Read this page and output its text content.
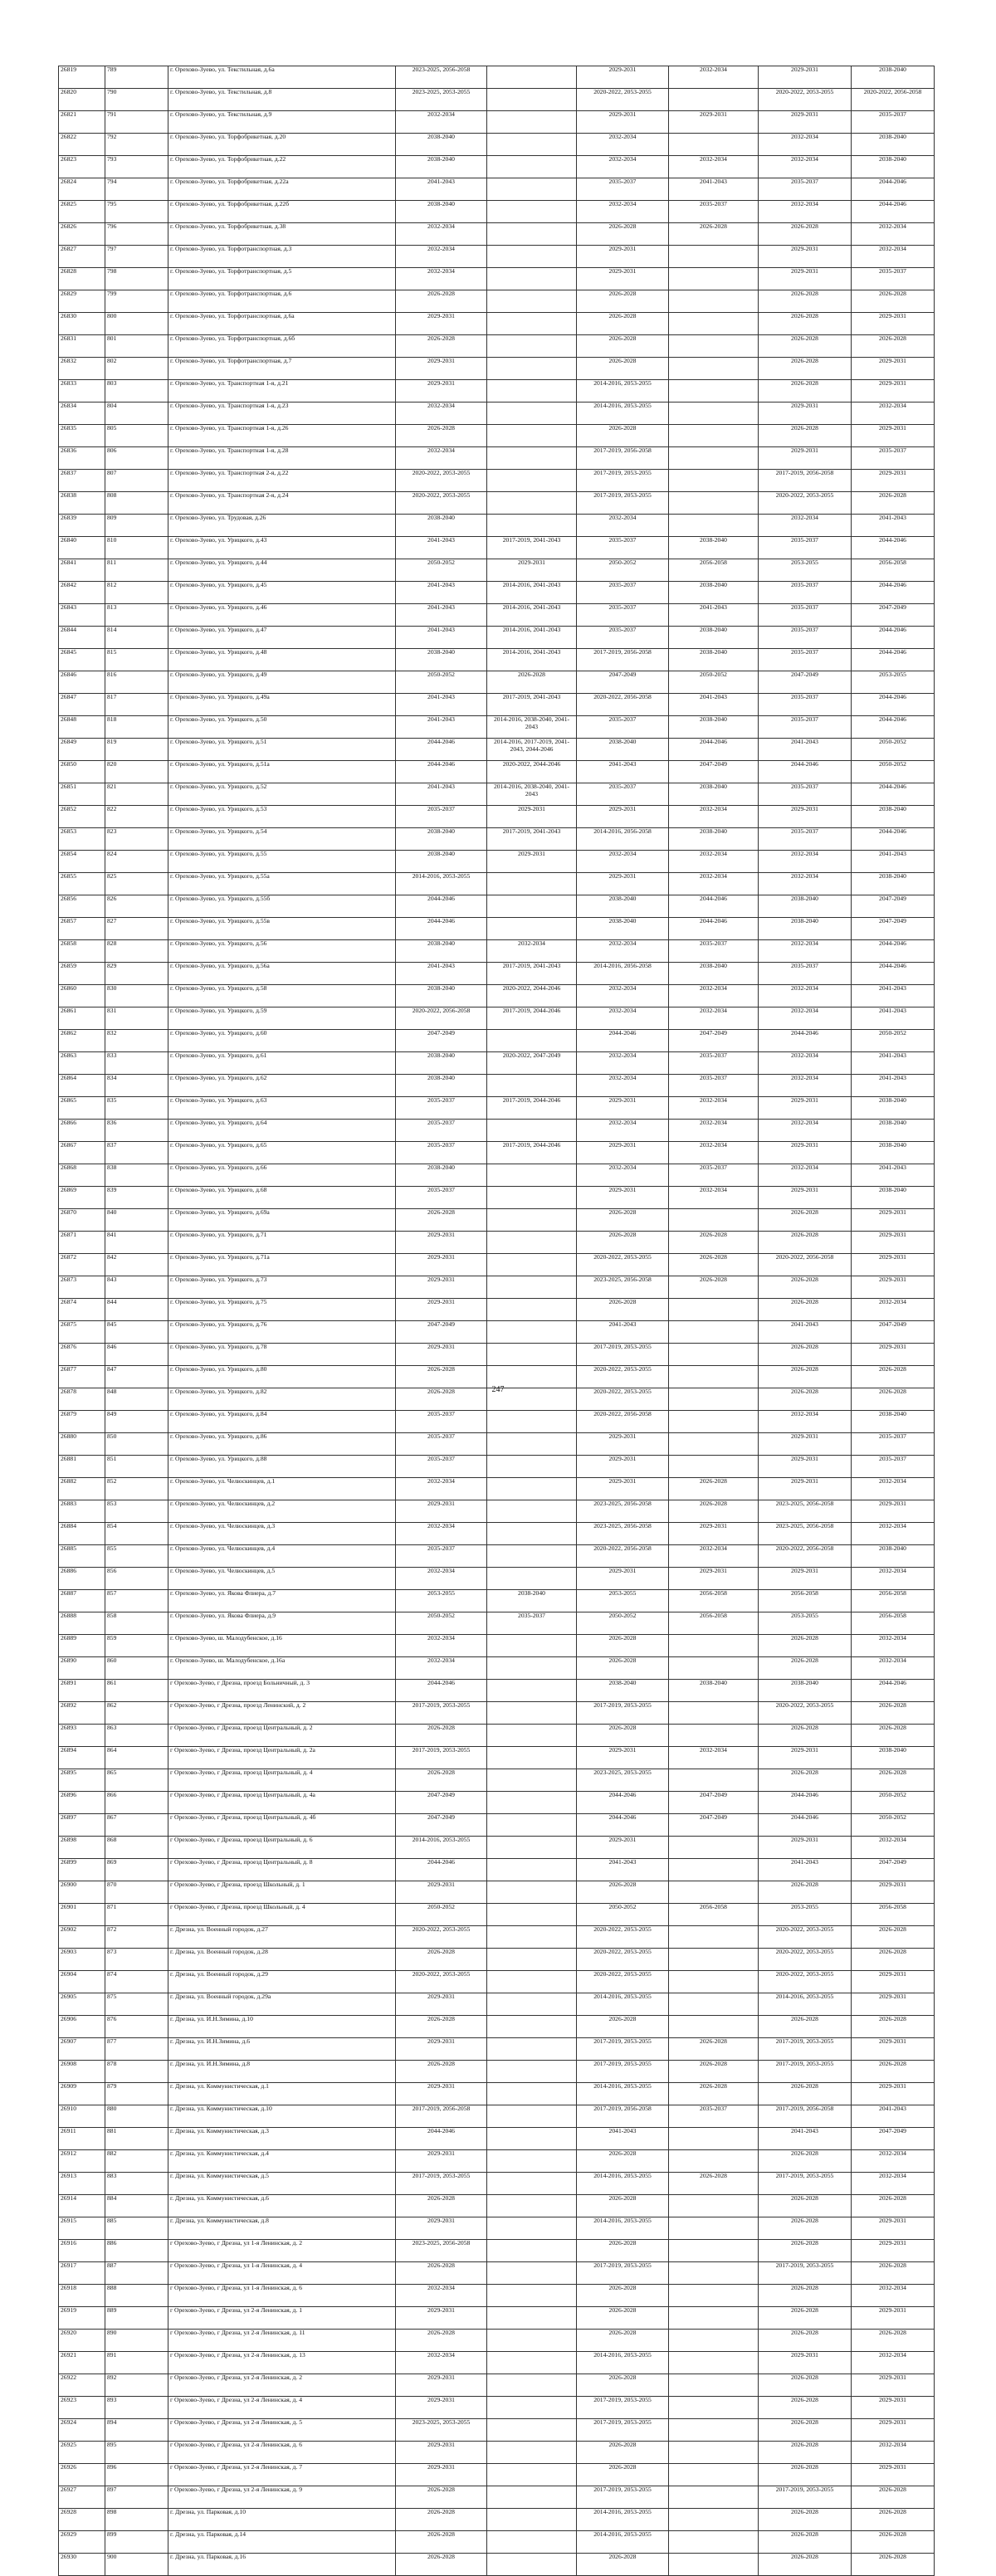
26819	789	г. Орехово-Зуево, ул. Текстильная, д.6а	2023-2025, 2056-2058		2029-2031	2032-2034	2029-2031	2038-2040
26820	790	г. Орехово-Зуево, ул. Текстильная, д.8	2023-2025, 2053-2055		2020-2022, 2053-2055		2020-2022, 2053-2055	2020-2022, 2056-2058
26821	791	г. Орехово-Зуево, ул. Текстильная, д.9	2032-2034		2029-2031	2029-2031	2029-2031	2035-2037
26822	792	г. Орехово-Зуево, ул. Торфобрикетная, д.20	2038-2040		2032-2034		2032-2034	2038-2040
26823	793	г. Орехово-Зуево, ул. Торфобрикетная, д.22	2038-2040		2032-2034	2032-2034	2032-2034	2038-2040
26824	794	г. Орехово-Зуево, ул. Торфобрикетная, д.22а	2041-2043		2035-2037	2041-2043	2035-2037	2044-2046
26825	795	г. Орехово-Зуево, ул. Торфобрикетная, д.22б	2038-2040		2032-2034	2035-2037	2032-2034	2044-2046
26826	796	г. Орехово-Зуево, ул. Торфобрикетная, д.38	2032-2034		2026-2028	2026-2028	2026-2028	2032-2034
26827	797	г. Орехово-Зуево, ул. Торфотранспортная, д.3	2032-2034		2029-2031		2029-2031	2032-2034
26828	798	г. Орехово-Зуево, ул. Торфотранспортная, д.5	2032-2034		2029-2031		2029-2031	2035-2037
26829	799	г. Орехово-Зуево, ул. Торфотранспортная, д.6	2026-2028		2026-2028		2026-2028	2026-2028
26830	800	г. Орехово-Зуево, ул. Торфотранспортная, д.6а	2029-2031		2026-2028		2026-2028	2029-2031
26831	801	г. Орехово-Зуево, ул. Торфотранспортная, д.6б	2026-2028		2026-2028		2026-2028	2026-2028
26832	802	г. Орехово-Зуево, ул. Торфотранспортная, д.7	2029-2031		2026-2028		2026-2028	2029-2031
26833	803	г. Орехово-Зуево, ул. Транспортная 1-я, д.21	2029-2031		2014-2016, 2053-2055		2026-2028	2029-2031
26834	804	г. Орехово-Зуево, ул. Транспортная 1-я, д.23	2032-2034		2014-2016, 2053-2055		2029-2031	2032-2034
26835	805	г. Орехово-Зуево, ул. Транспортная 1-я, д.26	2026-2028		2026-2028		2026-2028	2029-2031
26836	806	г. Орехово-Зуево, ул. Транспортная 1-я, д.28	2032-2034		2017-2019, 2056-2058		2029-2031	2035-2037
26837	807	г. Орехово-Зуево, ул. Транспортная 2-я, д.22	2020-2022, 2053-2055		2017-2019, 2053-2055		2017-2019, 2056-2058	2029-2031
26838	808	г. Орехово-Зуево, ул. Транспортная 2-я, д.24	2020-2022, 2053-2055		2017-2019, 2053-2055		2020-2022, 2053-2055	2026-2028
26839	809	г. Орехово-Зуево, ул. Трудовая, д.26	2038-2040		2032-2034		2032-2034	2041-2043
26840	810	г. Орехово-Зуево, ул. Урицкого, д.43	2041-2043	2017-2019, 2041-2043	2035-2037	2038-2040	2035-2037	2044-2046
26841	811	г. Орехово-Зуево, ул. Урицкого, д.44	2050-2052	2029-2031	2050-2052	2056-2058	2053-2055	2056-2058
26842	812	г. Орехово-Зуево, ул. Урицкого, д.45	2041-2043	2014-2016, 2041-2043	2035-2037	2038-2040	2035-2037	2044-2046
26843	813	г. Орехово-Зуево, ул. Урицкого, д.46	2041-2043	2014-2016, 2041-2043	2035-2037	2041-2043	2035-2037	2047-2049
26844	814	г. Орехово-Зуево, ул. Урицкого, д.47	2041-2043	2014-2016, 2041-2043	2035-2037	2038-2040	2035-2037	2044-2046
26845	815	г. Орехово-Зуево, ул. Урицкого, д.48	2038-2040	2014-2016, 2041-2043	2017-2019, 2056-2058	2038-2040	2035-2037	2044-2046
26846	816	г. Орехово-Зуево, ул. Урицкого, д.49	2050-2052	2026-2028	2047-2049	2050-2052	2047-2049	2053-2055
26847	817	г. Орехово-Зуево, ул. Урицкого, д.49а	2041-2043	2017-2019, 2041-2043	2020-2022, 2056-2058	2041-2043	2035-2037	2044-2046
26848	818	г. Орехово-Зуево, ул. Урицкого, д.50	2041-2043	2014-2016, 2038-2040, 2041-2043	2035-2037	2038-2040	2035-2037	2044-2046
26849	819	г. Орехово-Зуево, ул. Урицкого, д.51	2044-2046	2014-2016, 2017-2019, 2041-2043, 2044-2046	2038-2040	2044-2046	2041-2043	2050-2052
26850	820	г. Орехово-Зуево, ул. Урицкого, д.51а	2044-2046	2020-2022, 2044-2046	2041-2043	2047-2049	2044-2046	2050-2052
26851	821	г. Орехово-Зуево, ул. Урицкого, д.52	2041-2043	2014-2016, 2038-2040, 2041-2043	2035-2037	2038-2040	2035-2037	2044-2046
26852	822	г. Орехово-Зуево, ул. Урицкого, д.53	2035-2037	2029-2031	2029-2031	2032-2034	2029-2031	2038-2040
26853	823	г. Орехово-Зуево, ул. Урицкого, д.54	2038-2040	2017-2019, 2041-2043	2014-2016, 2056-2058	2038-2040	2035-2037	2044-2046
26854	824	г. Орехово-Зуево, ул. Урицкого, д.55	2038-2040	2029-2031	2032-2034	2032-2034	2032-2034	2041-2043
26855	825	г. Орехово-Зуево, ул. Урицкого, д.55а	2014-2016, 2053-2055		2029-2031	2032-2034	2032-2034	2038-2040
26856	826	г. Орехово-Зуево, ул. Урицкого, д.55б	2044-2046		2038-2040	2044-2046	2038-2040	2047-2049
26857	827	г. Орехово-Зуево, ул. Урицкого, д.55в	2044-2046		2038-2040	2044-2046	2038-2040	2047-2049
26858	828	г. Орехово-Зуево, ул. Урицкого, д.56	2038-2040	2032-2034	2032-2034	2035-2037	2032-2034	2044-2046
26859	829	г. Орехово-Зуево, ул. Урицкого, д.56а	2041-2043	2017-2019, 2041-2043	2014-2016, 2056-2058	2038-2040	2035-2037	2044-2046
26860	830	г. Орехово-Зуево, ул. Урицкого, д.58	2038-2040	2020-2022, 2044-2046	2032-2034	2032-2034	2032-2034	2041-2043
26861	831	г. Орехово-Зуево, ул. Урицкого, д.59	2020-2022, 2056-2058	2017-2019, 2044-2046	2032-2034	2032-2034	2032-2034	2041-2043
26862	832	г. Орехово-Зуево, ул. Урицкого, д.60	2047-2049		2044-2046	2047-2049	2044-2046	2050-2052
26863	833	г. Орехово-Зуево, ул. Урицкого, д.61	2038-2040	2020-2022, 2047-2049	2032-2034	2035-2037	2032-2034	2041-2043
26864	834	г. Орехово-Зуево, ул. Урицкого, д.62	2038-2040		2032-2034	2035-2037	2032-2034	2041-2043
26865	835	г. Орехово-Зуево, ул. Урицкого, д.63	2035-2037	2017-2019, 2044-2046	2029-2031	2032-2034	2029-2031	2038-2040
26866	836	г. Орехово-Зуево, ул. Урицкого, д.64	2035-2037		2032-2034	2032-2034	2032-2034	2038-2040
26867	837	г. Орехово-Зуево, ул. Урицкого, д.65	2035-2037	2017-2019, 2044-2046	2029-2031	2032-2034	2029-2031	2038-2040
26868	838	г. Орехово-Зуево, ул. Урицкого, д.66	2038-2040		2032-2034	2035-2037	2032-2034	2041-2043
26869	839	г. Орехово-Зуево, ул. Урицкого, д.68	2035-2037		2029-2031	2032-2034	2029-2031	2038-2040
26870	840	г. Орехово-Зуево, ул. Урицкого, д.69а	2026-2028		2026-2028		2026-2028	2029-2031
26871	841	г. Орехово-Зуево, ул. Урицкого, д.71	2029-2031		2026-2028	2026-2028	2026-2028	2029-2031
26872	842	г. Орехово-Зуево, ул. Урицкого, д.71а	2029-2031		2020-2022, 2053-2055	2026-2028	2020-2022, 2056-2058	2029-2031
26873	843	г. Орехово-Зуево, ул. Урицкого, д.73	2029-2031		2023-2025, 2056-2058	2026-2028	2026-2028	2029-2031
26874	844	г. Орехово-Зуево, ул. Урицкого, д.75	2029-2031		2026-2028		2026-2028	2032-2034
26875	845	г. Орехово-Зуево, ул. Урицкого, д.76	2047-2049		2041-2043		2041-2043	2047-2049
26876	846	г. Орехово-Зуево, ул. Урицкого, д.78	2029-2031		2017-2019, 2053-2055		2026-2028	2029-2031
26877	847	г. Орехово-Зуево, ул. Урицкого, д.80	2026-2028		2020-2022, 2053-2055		2026-2028	2026-2028
26878	848	г. Орехово-Зуево, ул. Урицкого, д.82	2026-2028		2020-2022, 2053-2055		2026-2028	2026-2028
26879	849	г. Орехово-Зуево, ул. Урицкого, д.84	2035-2037		2020-2022, 2056-2058		2032-2034	2038-2040
26880	850	г. Орехово-Зуево, ул. Урицкого, д.86	2035-2037		2029-2031		2029-2031	2035-2037
26881	851	г. Орехово-Зуево, ул. Урицкого, д.88	2035-2037		2029-2031		2029-2031	2035-2037
26882	852	г. Орехово-Зуево, ул. Челюскинцев, д.1	2032-2034		2029-2031	2026-2028	2029-2031	2032-2034
26883	853	г. Орехово-Зуево, ул. Челюскинцев, д.2	2029-2031		2023-2025, 2056-2058	2026-2028	2023-2025, 2056-2058	2029-2031
26884	854	г. Орехово-Зуево, ул. Челюскинцев, д.3	2032-2034		2023-2025, 2056-2058	2029-2031	2023-2025, 2056-2058	2032-2034
26885	855	г. Орехово-Зуево, ул. Челюскинцев, д.4	2035-2037		2020-2022, 2056-2058	2032-2034	2020-2022, 2056-2058	2038-2040
26886	856	г. Орехово-Зуево, ул. Челюскинцев, д.5	2032-2034		2029-2031	2029-2031	2029-2031	2032-2034
26887	857	г. Орехово-Зуево, ул. Якова Флиера, д.7	2053-2055	2038-2040	2053-2055	2056-2058	2056-2058	2056-2058
26888	858	г. Орехово-Зуево, ул. Якова Флиера, д.9	2050-2052	2035-2037	2050-2052	2056-2058	2053-2055	2056-2058
26889	859	г. Орехово-Зуево, ш. Малодубенское, д.16	2032-2034		2026-2028		2026-2028	2032-2034
26890	860	г. Орехово-Зуево, ш. Малодубенское, д.16а	2032-2034		2026-2028		2026-2028	2032-2034
26891	861	г Орехово-Зуево, г Дрезна, проезд Больничный, д. 3	2044-2046		2038-2040	2038-2040	2038-2040	2044-2046
26892	862	г Орехово-Зуево, г Дрезна, проезд Ленинский, д. 2	2017-2019, 2053-2055		2017-2019, 2053-2055		2020-2022, 2053-2055	2026-2028
26893	863	г Орехово-Зуево, г Дрезна, проезд Центральный, д. 2	2026-2028		2026-2028		2026-2028	2026-2028
26894	864	г Орехово-Зуево, г Дрезна, проезд Центральный, д. 2а	2017-2019, 2053-2055		2029-2031	2032-2034	2029-2031	2038-2040
26895	865	г Орехово-Зуево, г Дрезна, проезд Центральный, д. 4	2026-2028		2023-2025, 2053-2055		2026-2028	2026-2028
26896	866	г Орехово-Зуево, г Дрезна, проезд Центральный, д. 4а	2047-2049		2044-2046	2047-2049	2044-2046	2050-2052
26897	867	г Орехово-Зуево, г Дрезна, проезд Центральный, д. 4б	2047-2049		2044-2046	2047-2049	2044-2046	2050-2052
26898	868	г Орехово-Зуево, г Дрезна, проезд Центральный, д. 6	2014-2016, 2053-2055		2029-2031		2029-2031	2032-2034
26899	869	г Орехово-Зуево, г Дрезна, проезд Центральный, д. 8	2044-2046		2041-2043		2041-2043	2047-2049
26900	870	г Орехово-Зуево, г Дрезна, проезд Школьный, д. 1	2029-2031		2026-2028		2026-2028	2029-2031
26901	871	г Орехово-Зуево, г Дрезна, проезд Школьный, д. 4	2050-2052		2050-2052	2056-2058	2053-2055	2056-2058
26902	872	г. Дрезна, ул. Военный городок, д.27	2020-2022, 2053-2055		2020-2022, 2053-2055		2020-2022, 2053-2055	2026-2028
26903	873	г. Дрезна, ул. Военный городок, д.28	2026-2028		2020-2022, 2053-2055		2020-2022, 2053-2055	2026-2028
26904	874	г. Дрезна, ул. Военный городок, д.29	2020-2022, 2053-2055		2020-2022, 2053-2055		2020-2022, 2053-2055	2029-2031
26905	875	г. Дрезна, ул. Военный городок, д.29а	2029-2031		2014-2016, 2053-2055		2014-2016, 2053-2055	2029-2031
26906	876	г. Дрезна, ул. И.Н.Зимина, д.10	2026-2028		2026-2028		2026-2028	2026-2028
26907	877	г. Дрезна, ул. И.Н.Зимина, д.6	2029-2031		2017-2019, 2053-2055	2026-2028	2017-2019, 2053-2055	2029-2031
26908	878	г. Дрезна, ул. И.Н.Зимина, д.8	2026-2028		2017-2019, 2053-2055	2026-2028	2017-2019, 2053-2055	2026-2028
26909	879	г. Дрезна, ул. Коммунистическая, д.1	2029-2031		2014-2016, 2053-2055	2026-2028	2026-2028	2029-2031
26910	880	г. Дрезна, ул. Коммунистическая, д.10	2017-2019, 2056-2058		2017-2019, 2056-2058	2035-2037	2017-2019, 2056-2058	2041-2043
26911	881	г. Дрезна, ул. Коммунистическая, д.3	2044-2046		2041-2043		2041-2043	2047-2049
26912	882	г. Дрезна, ул. Коммунистическая, д.4	2029-2031		2026-2028		2026-2028	2032-2034
26913	883	г. Дрезна, ул. Коммунистическая, д.5	2017-2019, 2053-2055		2014-2016, 2053-2055	2026-2028	2017-2019, 2053-2055	2032-2034
26914	884	г. Дрезна, ул. Коммунистическая, д.6	2026-2028		2026-2028		2026-2028	2026-2028
26915	885	г. Дрезна, ул. Коммунистическая, д.8	2029-2031		2014-2016, 2053-2055		2026-2028	2029-2031
26916	886	г Орехово-Зуево, г Дрезна, ул 1-я Ленинская, д. 2	2023-2025, 2056-2058		2026-2028		2026-2028	2029-2031
26917	887	г Орехово-Зуево, г Дрезна, ул 1-я Ленинская, д. 4	2026-2028		2017-2019, 2053-2055		2017-2019, 2053-2055	2026-2028
26918	888	г Орехово-Зуево, г Дрезна, ул 1-я Ленинская, д. 6	2032-2034		2026-2028		2026-2028	2032-2034
26919	889	г Орехово-Зуево, г Дрезна, ул 2-я Ленинская, д. 1	2029-2031		2026-2028		2026-2028	2029-2031
26920	890	г Орехово-Зуево, г Дрезна, ул 2-я Ленинская, д. 11	2026-2028		2026-2028		2026-2028	2026-2028
26921	891	г Орехово-Зуево, г Дрезна, ул 2-я Ленинская, д. 13	2032-2034		2014-2016, 2053-2055		2029-2031	2032-2034
26922	892	г Орехово-Зуево, г Дрезна, ул 2-я Ленинская, д. 2	2029-2031		2026-2028		2026-2028	2029-2031
26923	893	г Орехово-Зуево, г Дрезна, ул 2-я Ленинская, д. 4	2029-2031		2017-2019, 2053-2055		2026-2028	2029-2031
26924	894	г Орехово-Зуево, г Дрезна, ул 2-я Ленинская, д. 5	2023-2025, 2053-2055		2017-2019, 2053-2055		2026-2028	2029-2031
26925	895	г Орехово-Зуево, г Дрезна, ул 2-я Ленинская, д. 6	2029-2031		2026-2028		2026-2028	2032-2034
26926	896	г Орехово-Зуево, г Дрезна, ул 2-я Ленинская, д. 7	2029-2031		2026-2028		2026-2028	2029-2031
26927	897	г Орехово-Зуево, г Дрезна, ул 2-я Ленинская, д. 9	2026-2028		2017-2019, 2053-2055		2017-2019, 2053-2055	2026-2028
26928	898	г. Дрезна, ул. Парковая, д.10	2026-2028		2014-2016, 2053-2055		2026-2028	2026-2028
26929	899	г. Дрезна, ул. Парковая, д.14	2026-2028		2014-2016, 2053-2055		2026-2028	2026-2028
26930	900	г. Дрезна, ул. Парковая, д.16	2026-2028		2026-2028		2026-2028	2026-2028
247
